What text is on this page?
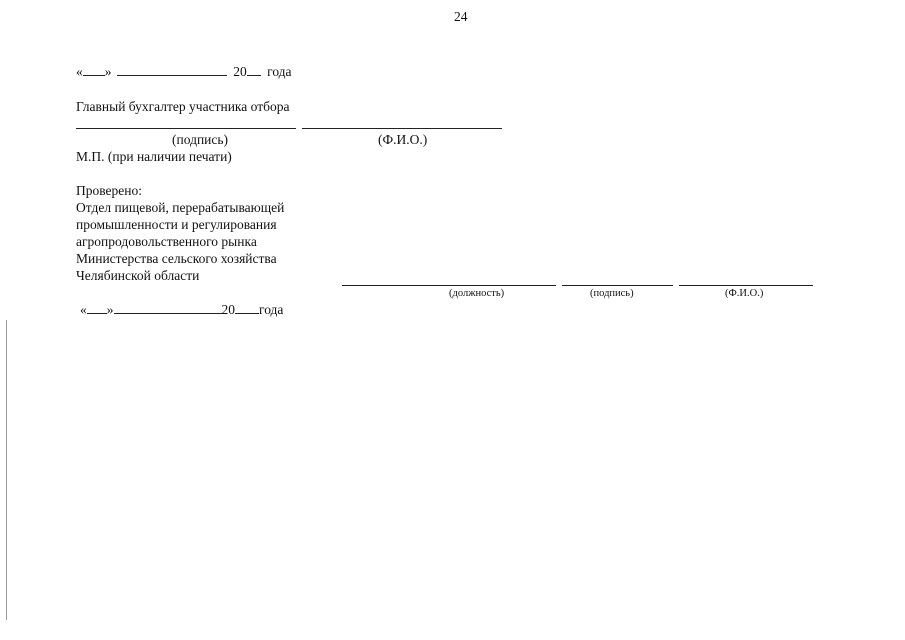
24
« »	20 года
Главный бухгалтер участника отбора
(подпись)	(Ф.И.О.)
М.П. (при наличии печати)
Проверено:
Отдел пищевой, перерабатывающей
промышленности и регулирования
агропродовольственного рынка
Министерства сельского хозяйства
Челябинской области
(должность)	(подпись)	(Ф.И.О.)
« »	20 года
